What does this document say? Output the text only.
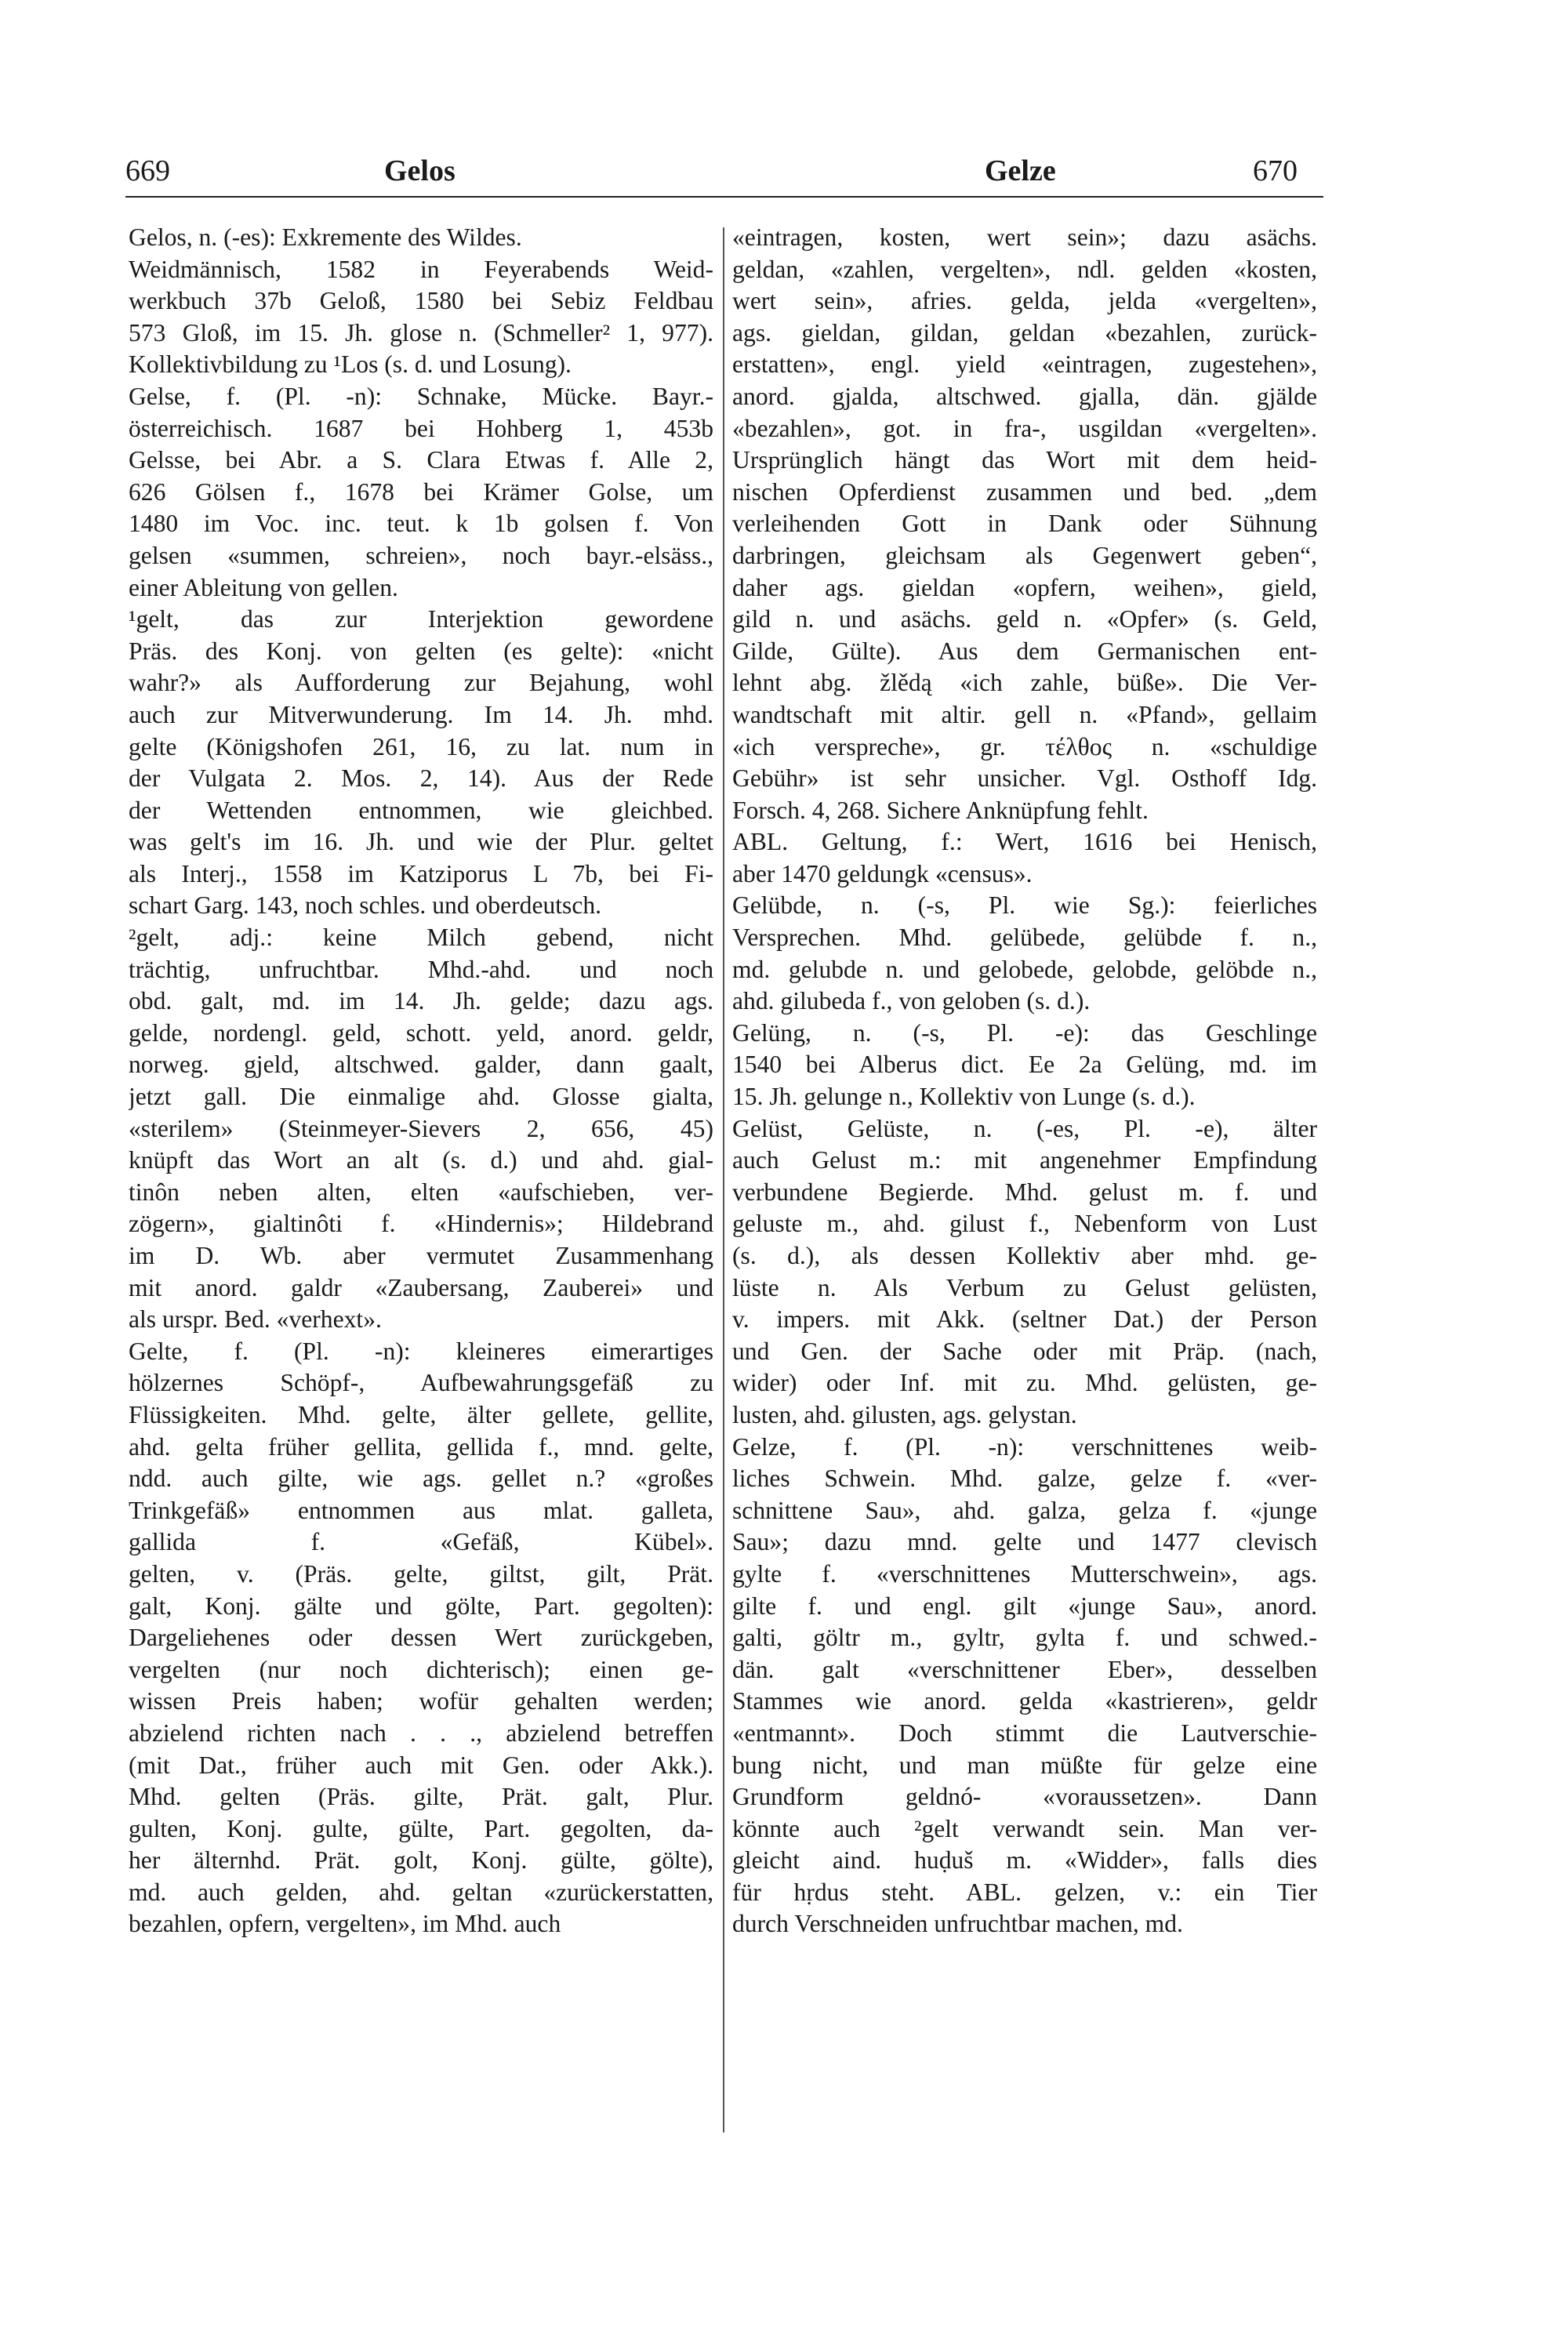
669	Gelos	Gelze	670
Gelos, n. (-es): Exkremente des Wildes.
Weidmännisch, 1582 in Feyerabends Weid-
werkbuch 37b Geloß, 1580 bei Sebiz Feldbau
573 Gloß, im 15. Jh. glose n. (Schmeller² 1, 977).
Kollektivbildung zu ¹Los (s. d. und Losung).
Gelse, f. (Pl. -n): Schnake, Mücke. Bayr.-
österreichisch. 1687 bei Hohberg 1, 453b
Gelsse, bei Abr. a S. Clara Etwas f. Alle 2,
626 Gölsen f., 1678 bei Krämer Golse, um
1480 im Voc. inc. teut. k 1b golsen f. Von
gelsen «summen, schreien», noch bayr.-elsäss.,
einer Ableitung von gellen.
¹gelt, das zur Interjektion gewordene
Präs. des Konj. von gelten (es gelte): «nicht
wahr?» als Aufforderung zur Bejahung, wohl
auch zur Mitverwunderung. Im 14. Jh. mhd.
gelte (Königshofen 261, 16, zu lat. num in
der Vulgata 2. Mos. 2, 14). Aus der Rede
der Wettenden entnommen, wie gleichbed.
was gelt's im 16. Jh. und wie der Plur. geltet
als Interj., 1558 im Katziporus L 7b, bei Fi-
schart Garg. 143, noch schles. und oberdeutsch.
²gelt, adj.: keine Milch gebend, nicht
trächtig, unfruchtbar. Mhd.-ahd. und noch
obd. galt, md. im 14. Jh. gelde; dazu ags.
gelde, nordengl. geld, schott. yeld, anord. geldr,
norweg. gjeld, altschwed. galder, dann gaalt,
jetzt gall. Die einmalige ahd. Glosse gialta,
«sterilem» (Steinmeyer-Sievers 2, 656, 45)
knüpft das Wort an alt (s. d.) und ahd. gial-
tinôn neben alten, elten «aufschieben, ver-
zögern», gialtinôti f. «Hindernis»; Hildebrand
im D. Wb. aber vermutet Zusammenhang
mit anord. galdr «Zaubersang, Zauberei» und
als urspr. Bed. «verhext».
Gelte, f. (Pl. -n): kleineres eimerartiges
hölzernes Schöpf-, Aufbewahrungsgefäß zu
Flüssigkeiten. Mhd. gelte, älter gellete, gellite,
ahd. gelta früher gellita, gellida f., mnd. gelte,
ndd. auch gilte, wie ags. gellet n.? «großes
Trinkgefäß» entnommen aus mlat. galleta,
gallida f. «Gefäß, Kübel».
gelten, v. (Präs. gelte, giltst, gilt, Prät.
galt, Konj. gälte und gölte, Part. gegolten):
Dargeliehenes oder dessen Wert zurückgeben,
vergelten (nur noch dichterisch); einen ge-
wissen Preis haben; wofür gehalten werden;
abzielend richten nach . . ., abzielend betreffen
(mit Dat., früher auch mit Gen. oder Akk.).
Mhd. gelten (Präs. gilte, Prät. galt, Plur.
gulten, Konj. gulte, gülte, Part. gegolten, da-
her älternhd. Prät. golt, Konj. gülte, gölte),
md. auch gelden, ahd. geltan «zurückerstatten,
bezahlen, opfern, vergelten», im Mhd. auch
«eintragen, kosten, wert sein»; dazu asächs.
geldan, «zahlen, vergelten», ndl. gelden «kosten,
wert sein», afries. gelda, jelda «vergelten»,
ags. gieldan, gildan, geldan «bezahlen, zurück-
erstatten», engl. yield «eintragen, zugestehen»,
anord. gjalda, altschwed. gjalla, dän. gjälde
«bezahlen», got. in fra-, usgildan «vergelten».
Ursprünglich hängt das Wort mit dem heid-
nischen Opferdienst zusammen und bed. „dem
verleihenden Gott in Dank oder Sühnung
darbringen, gleichsam als Gegenwert geben“,
daher ags. gieldan «opfern, weihen», gield,
gild n. und asächs. geld n. «Opfer» (s. Geld,
Gilde, Gülte). Aus dem Germanischen ent-
lehnt abg. žlědą «ich zahle, büße». Die Ver-
wandtschaft mit altir. gell n. «Pfand», gellaim
«ich verspreche», gr. τέλθος n. «schuldige
Gebühr» ist sehr unsicher. Vgl. Osthoff Idg.
Forsch. 4, 268. Sichere Anknüpfung fehlt.
ABL. Geltung, f.: Wert, 1616 bei Henisch,
aber 1470 geldungk «census».
Gelübde, n. (-s, Pl. wie Sg.): feierliches
Versprechen. Mhd. gelübede, gelübde f. n.,
md. gelubde n. und gelobede, gelobde, gelöbde n.,
ahd. gilubeda f., von geloben (s. d.).
Gelüng, n. (-s, Pl. -e): das Geschlinge
1540 bei Alberus dict. Ee 2a Gelüng, md. im
15. Jh. gelunge n., Kollektiv von Lunge (s. d.).
Gelüst, Gelüste, n. (-es, Pl. -e), älter
auch Gelust m.: mit angenehmer Empfindung
verbundene Begierde. Mhd. gelust m. f. und
geluste m., ahd. gilust f., Nebenform von Lust
(s. d.), als dessen Kollektiv aber mhd. ge-
lüste n. Als Verbum zu Gelust gelüsten,
v. impers. mit Akk. (seltner Dat.) der Person
und Gen. der Sache oder mit Präp. (nach,
wider) oder Inf. mit zu. Mhd. gelüsten, ge-
lusten, ahd. gilusten, ags. gelystan.
Gelze, f. (Pl. -n): verschnittenes weib-
liches Schwein. Mhd. galze, gelze f. «ver-
schnittene Sau», ahd. galza, gelza f. «junge
Sau»; dazu mnd. gelte und 1477 clevisch
gylte f. «verschnittenes Mutterschwein», ags.
gilte f. und engl. gilt «junge Sau», anord.
galti, göltr m., gyltr, gylta f. und schwed.-
dän. galt «verschnittener Eber», desselben
Stammes wie anord. gelda «kastrieren», geldr
«entmannt». Doch stimmt die Lautverschie-
bung nicht, und man müßte für gelze eine
Grundform geldnó- «voraussetzen». Dann
könnte auch ²gelt verwandt sein. Man ver-
gleicht aind. huḍuš m. «Widder», falls dies
für hṛdus steht. ABL. gelzen, v.: ein Tier
durch Verschneiden unfruchtbar machen, md.
